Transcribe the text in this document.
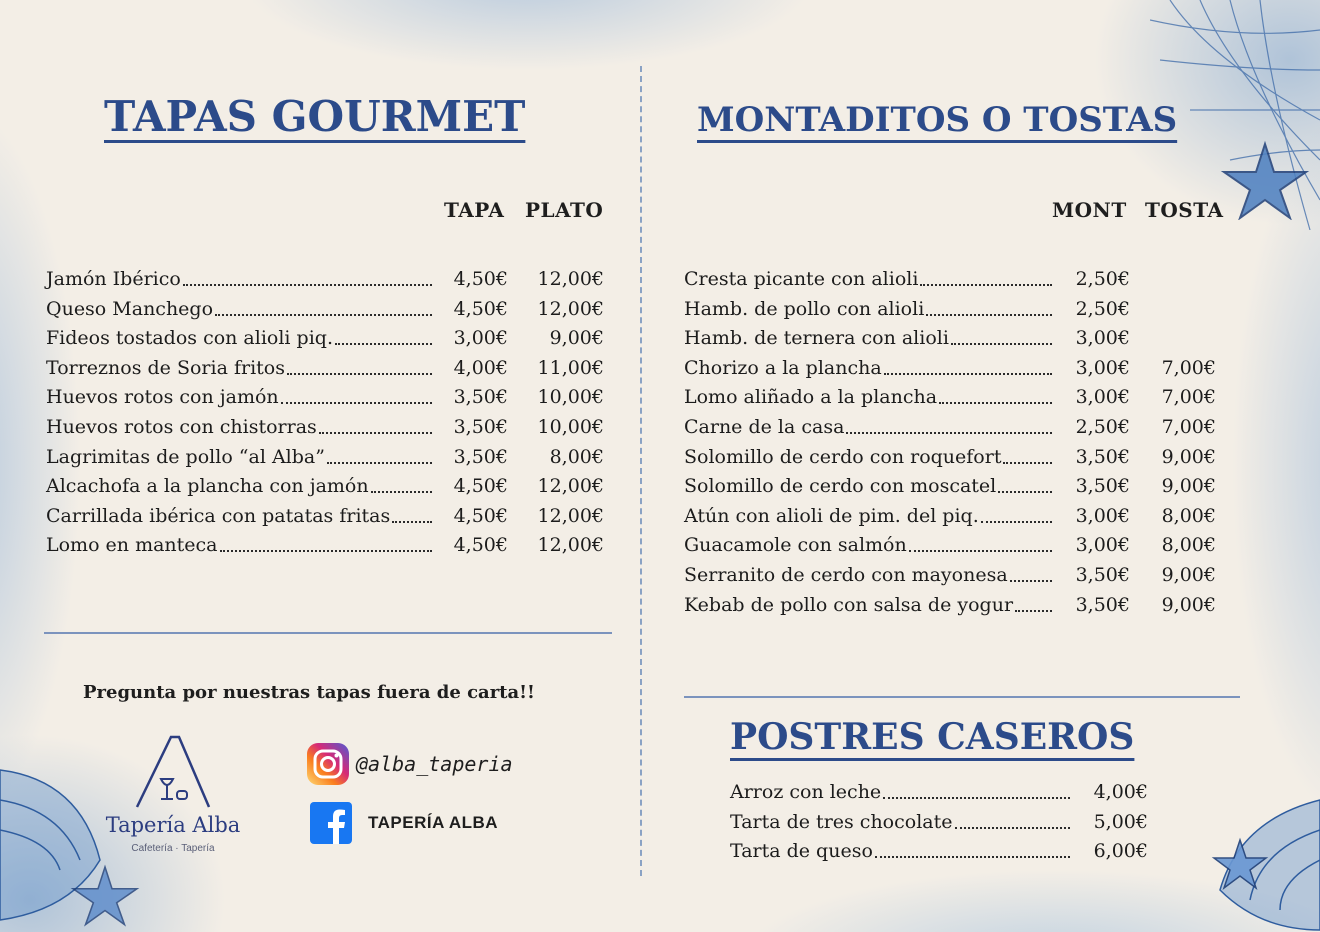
TAPAS GOURMET
TAPA PLATO
Jamón Ibérico	4,50€	12,00€
Queso Manchego	4,50€	12,00€
Fideos tostados con alioli piq.	3,00€	9,00€
Torreznos de Soria fritos	4,00€	11,00€
Huevos rotos con jamón	3,50€	10,00€
Huevos rotos con chistorras	3,50€	10,00€
Lagrimitas de pollo “al Alba”	3,50€	8,00€
Alcachofa a la plancha con jamón	4,50€	12,00€
Carrillada ibérica con patatas fritas	4,50€	12,00€
Lomo en manteca	4,50€	12,00€
Pregunta por nuestras tapas fuera de carta!!
Tapería Alba
Cafetería · Tapería
@alba_taperia
TAPERÍA ALBA
MONTADITOS O TOSTAS
MONT TOSTA
Cresta picante con alioli	2,50€
Hamb. de pollo con alioli	2,50€
Hamb. de ternera con alioli	3,00€
Chorizo a la plancha	3,00€	7,00€
Lomo aliñado a la plancha	3,00€	7,00€
Carne de la casa	2,50€	7,00€
Solomillo de cerdo con roquefort	3,50€	9,00€
Solomillo de cerdo con moscatel	3,50€	9,00€
Atún con alioli de pim. del piq.	3,00€	8,00€
Guacamole con salmón	3,00€	8,00€
Serranito de cerdo con mayonesa	3,50€	9,00€
Kebab de pollo con salsa de yogur	3,50€	9,00€
POSTRES CASEROS
Arroz con leche	4,00€
Tarta de tres chocolate	5,00€
Tarta de queso	6,00€
